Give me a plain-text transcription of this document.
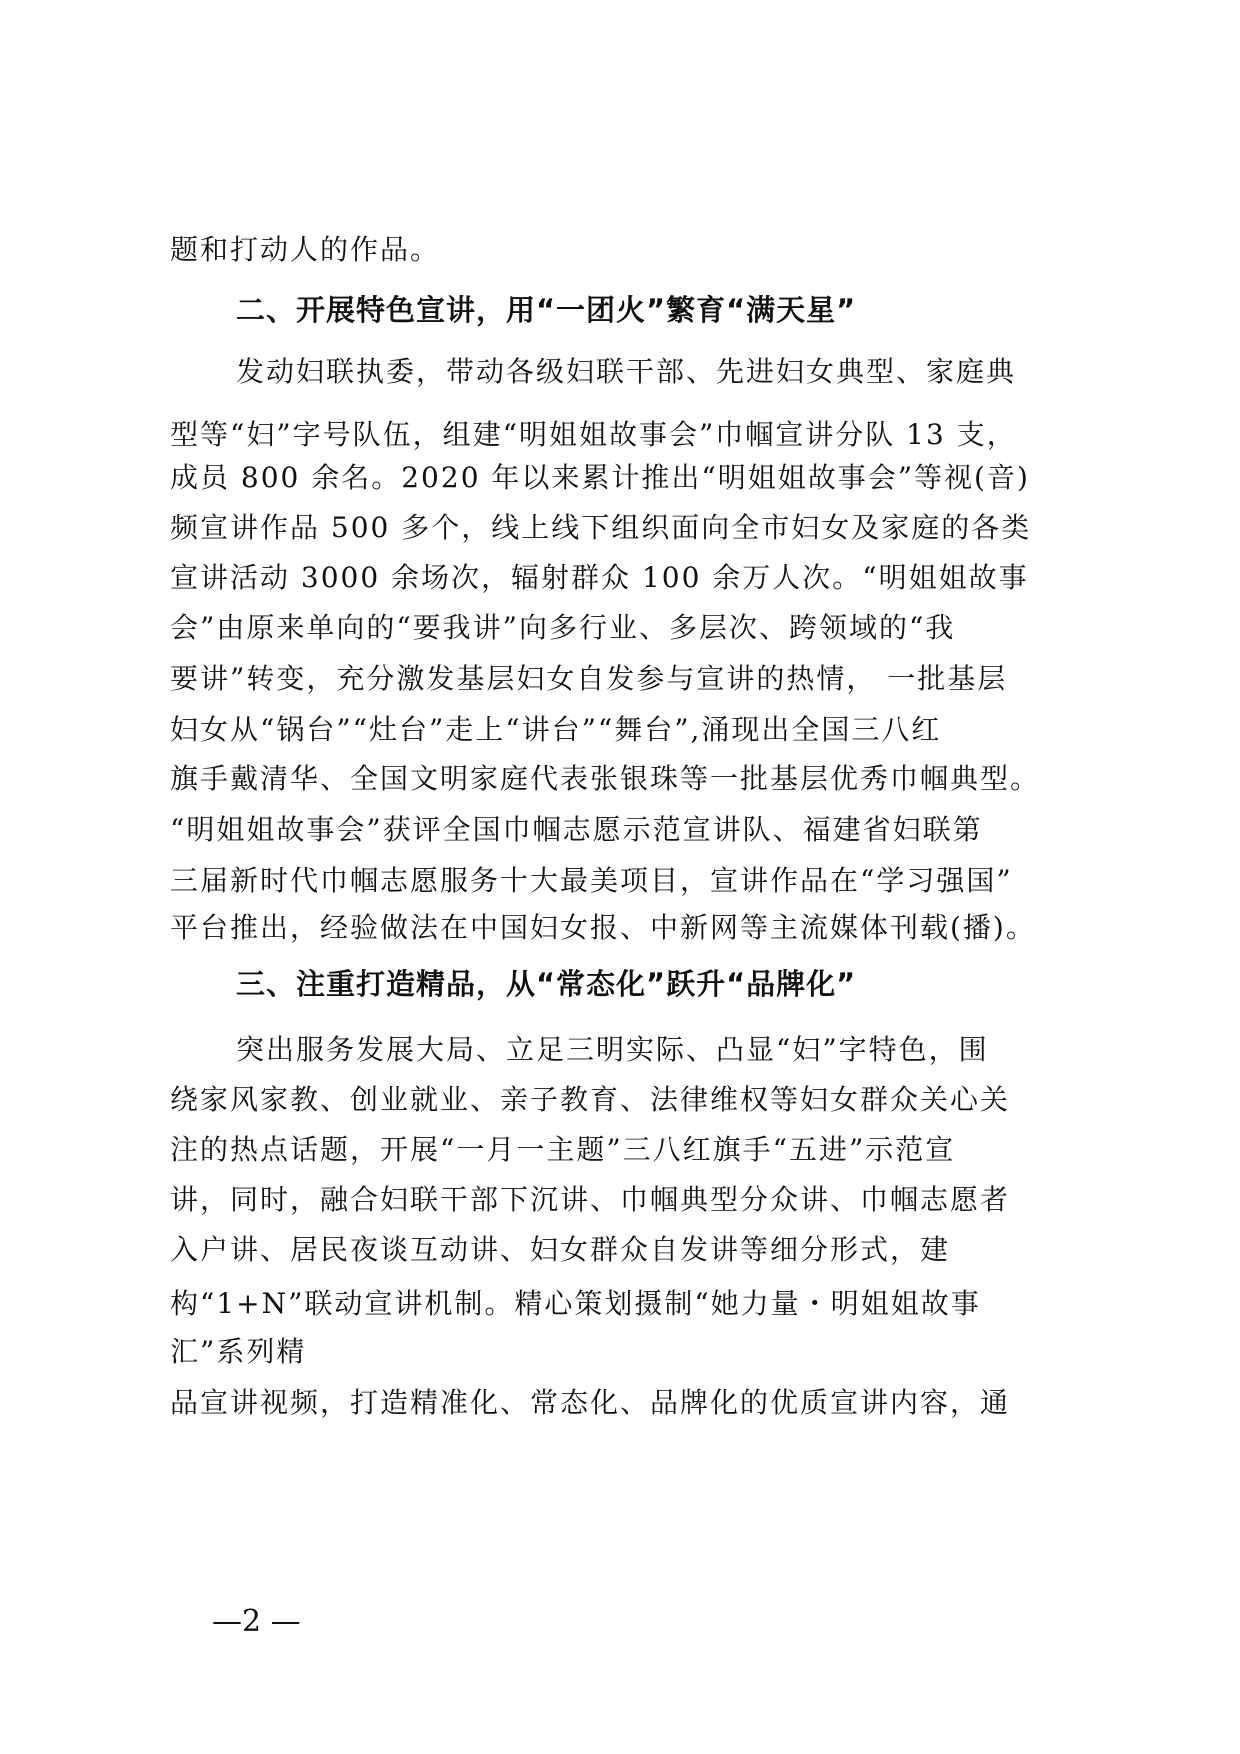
题和打动人的作品。
二、开展特色宣讲，用“一团火”繁育“满天星”
发动妇联执委，带动各级妇联干部、先进妇女典型、家庭典
型等“妇”字号队伍，组建“明姐姐故事会”巾帼宣讲分队 13 支，
成员 800 余名。2020 年以来累计推出“明姐姐故事会”等视(音)
频宣讲作品 500 多个，线上线下组织面向全市妇女及家庭的各类
宣讲活动 3000 余场次，辐射群众 100 余万人次。“明姐姐故事
会”由原来单向的“要我讲”向多行业、多层次、跨领域的“我
要讲”转变，充分激发基层妇女自发参与宣讲的热情， 一批基层
妇女从“锅台”“灶台”走上“讲台”“舞台”,涌现出全国三八红
旗手戴清华、全国文明家庭代表张银珠等一批基层优秀巾帼典型。
“明姐姐故事会”获评全国巾帼志愿示范宣讲队、福建省妇联第
三届新时代巾帼志愿服务十大最美项目，宣讲作品在“学习强国”
平台推出，经验做法在中国妇女报、中新网等主流媒体刊载(播)。
三、注重打造精品，从“常态化”跃升“品牌化”
突出服务发展大局、立足三明实际、凸显“妇”字特色，围
绕家风家教、创业就业、亲子教育、法律维权等妇女群众关心关
注的热点话题，开展“一月一主题”三八红旗手“五进”示范宣
讲，同时，融合妇联干部下沉讲、巾帼典型分众讲、巾帼志愿者
入户讲、居民夜谈互动讲、妇女群众自发讲等细分形式，建
构“1+N”联动宣讲机制。精心策划摄制“她力量・明姐姐故事
汇”系列精
品宣讲视频，打造精准化、常态化、品牌化的优质宣讲内容，通
—2 —
